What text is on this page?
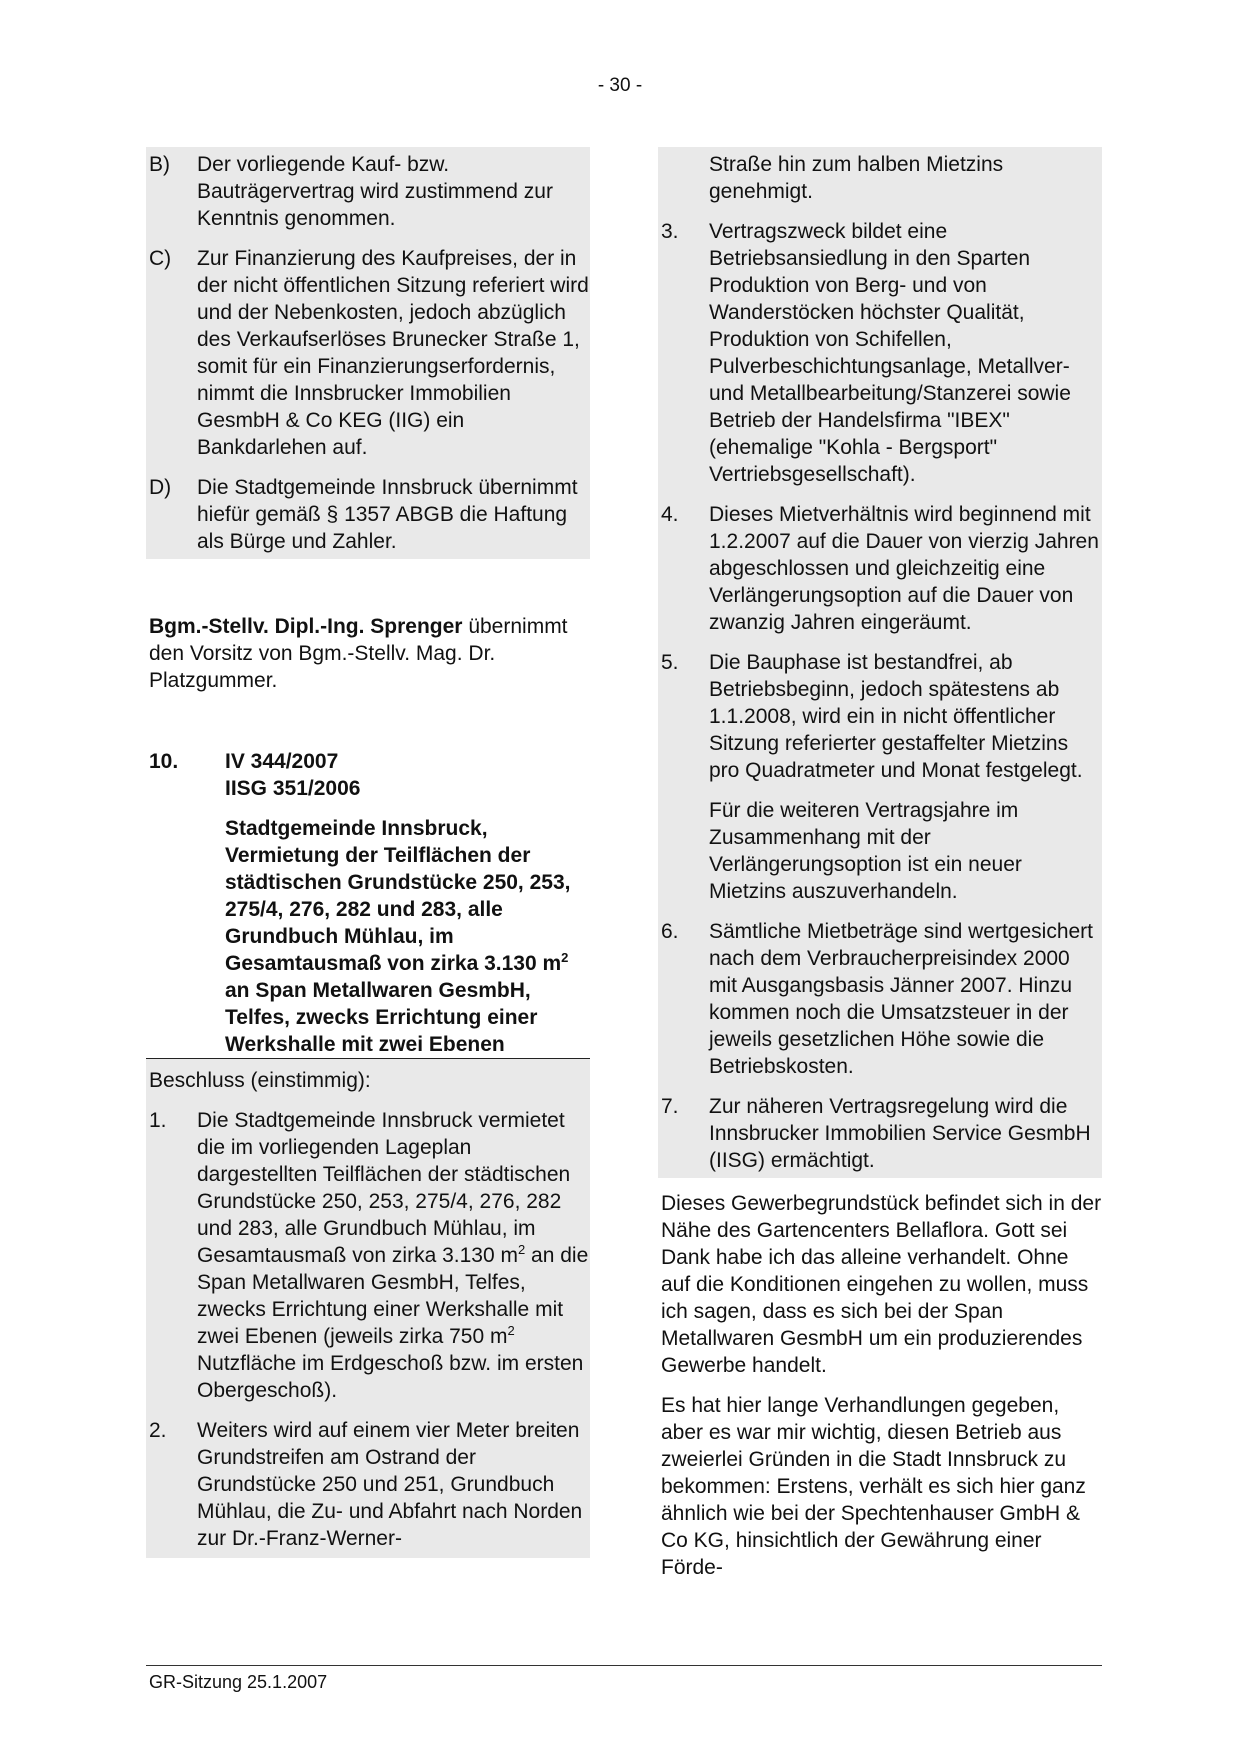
- 30 -
B)	Der vorliegende Kauf- bzw. Bauträgervertrag wird zustimmend zur Kenntnis genommen.
C)	Zur Finanzierung des Kaufpreises, der in der nicht öffentlichen Sitzung referiert wird und der Nebenkosten, jedoch abzüglich des Verkaufserlöses Brunecker Straße 1, somit für ein Finanzierungserfordernis, nimmt die Innsbrucker Immobilien GesmbH & Co KEG (IIG) ein Bankdarlehen auf.
D)	Die Stadtgemeinde Innsbruck übernimmt hiefür gemäß § 1357 ABGB die Haftung als Bürge und Zahler.
Bgm.-Stellv. Dipl.-Ing. Sprenger übernimmt den Vorsitz von Bgm.-Stellv. Mag. Dr. Platzgummer.
10.	IV 344/2007
IISG 351/2006
Stadtgemeinde Innsbruck, Vermietung der Teilflächen der städtischen Grundstücke 250, 253, 275/4, 276, 282 und 283, alle Grundbuch Mühlau, im Gesamtausmaß von zirka 3.130 $m^2$ an Span Metallwaren GesmbH, Telfes, zwecks Errichtung einer Werkshalle mit zwei Ebenen
Beschluss (einstimmig):
1.	Die Stadtgemeinde Innsbruck vermietet die im vorliegenden Lageplan dargestellten Teilflächen der städtischen Grundstücke 250, 253, 275/4, 276, 282 und 283, alle Grundbuch Mühlau, im Gesamtausmaß von zirka 3.130 $m^2$ an die Span Metallwaren GesmbH, Telfes, zwecks Errichtung einer Werkshalle mit zwei Ebenen (jeweils zirka 750 $m^2$ Nutzfläche im Erdgeschoß bzw. im ersten Obergeschoß).
2.	Weiters wird auf einem vier Meter breiten Grundstreifen am Ostrand der Grundstücke 250 und 251, Grundbuch Mühlau, die Zu- und Abfahrt nach Norden zur Dr.-Franz-Werner-
Straße hin zum halben Mietzins genehmigt.
3.	Vertragszweck bildet eine Betriebsansiedlung in den Sparten Produktion von Berg- und von Wanderstöcken höchster Qualität, Produktion von Schifellen, Pulverbeschichtungsanlage, Metallver- und Metallbearbeitung/Stanzerei sowie Betrieb der Handelsfirma "IBEX" (ehemalige "Kohla - Bergsport" Vertriebsgesellschaft).
4.	Dieses Mietverhältnis wird beginnend mit 1.2.2007 auf die Dauer von vierzig Jahren abgeschlossen und gleichzeitig eine Verlängerungsoption auf die Dauer von zwanzig Jahren eingeräumt.
5.	Die Bauphase ist bestandfrei, ab Betriebsbeginn, jedoch spätestens ab 1.1.2008, wird ein in nicht öffentlicher Sitzung referierter gestaffelter Mietzins pro Quadratmeter und Monat festgelegt.
Für die weiteren Vertragsjahre im Zusammenhang mit der Verlängerungsoption ist ein neuer Mietzins auszuverhandeln.
6.	Sämtliche Mietbeträge sind wertgesichert nach dem Verbraucherpreisindex 2000 mit Ausgangsbasis Jänner 2007. Hinzu kommen noch die Umsatzsteuer in der jeweils gesetzlichen Höhe sowie die Betriebskosten.
7.	Zur näheren Vertragsregelung wird die Innsbrucker Immobilien Service GesmbH (IISG) ermächtigt.
Dieses Gewerbegrundstück befindet sich in der Nähe des Gartencenters Bellaflora. Gott sei Dank habe ich das alleine verhandelt. Ohne auf die Konditionen eingehen zu wollen, muss ich sagen, dass es sich bei der Span Metallwaren GesmbH um ein produzierendes Gewerbe handelt.
Es hat hier lange Verhandlungen gegeben, aber es war mir wichtig, diesen Betrieb aus zweierlei Gründen in die Stadt Innsbruck zu bekommen: Erstens, verhält es sich hier ganz ähnlich wie bei der Spechtenhauser GmbH & Co KG, hinsichtlich der Gewährung einer Förde-
GR-Sitzung 25.1.2007
